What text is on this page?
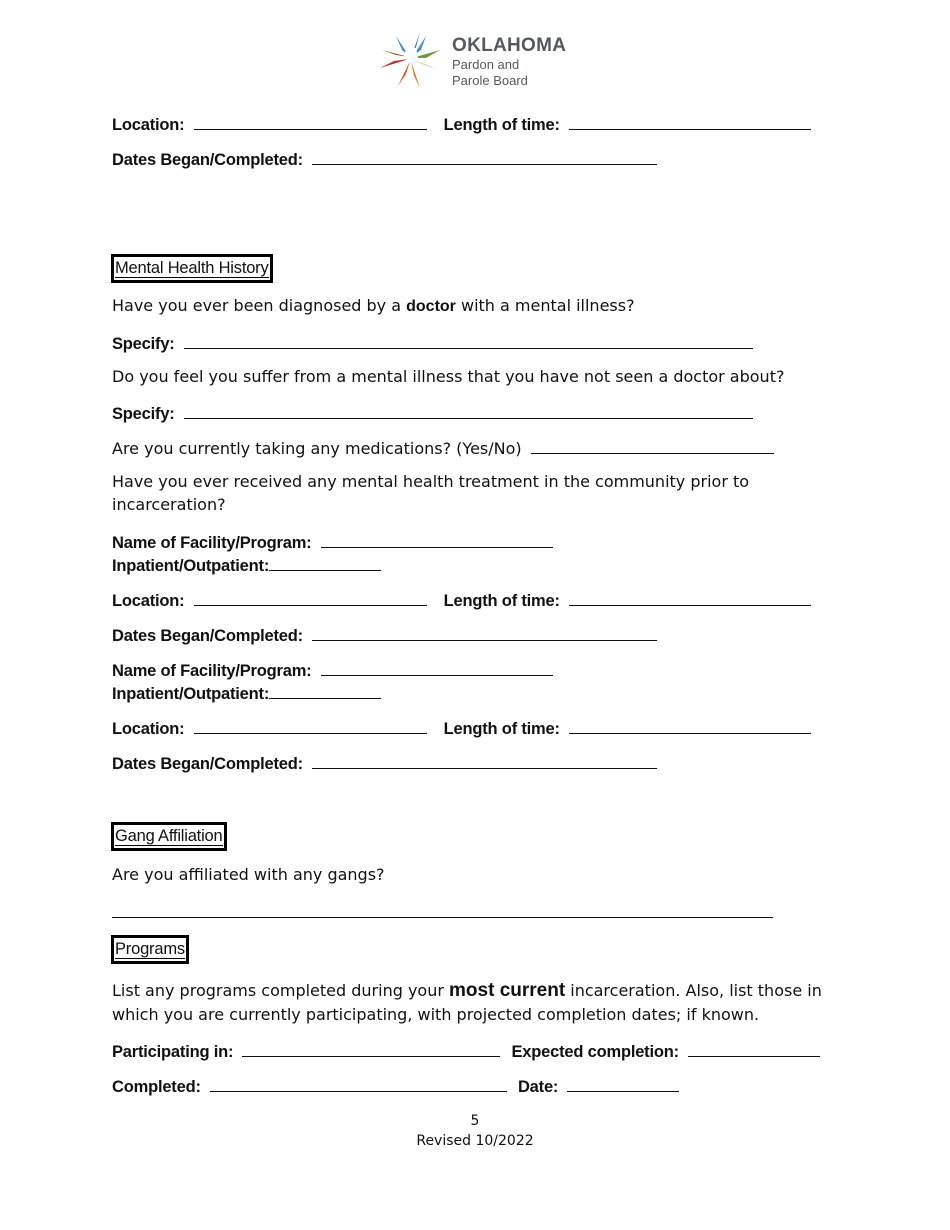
OKLAHOMA
Pardon and
Parole Board
Location:	Length of time:
Dates Began/Completed:
Mental Health History
Have you ever been diagnosed by a doctor with a mental illness?
Specify:
Do you feel you suffer from a mental illness that you have not seen a doctor about?
Specify:
Are you currently taking any medications? (Yes/No)
Have you ever received any mental health treatment in the community prior to
incarceration?
Name of Facility/Program:
Inpatient/Outpatient:
Location:	Length of time:
Dates Began/Completed:
Name of Facility/Program:
Inpatient/Outpatient:
Location:	Length of time:
Dates Began/Completed:
Gang Affiliation
Are you affiliated with any gangs?
Programs
List any programs completed during your most current incarceration. Also, list those in
which you are currently participating, with projected completion dates; if known.
Participating in:	Expected completion:
Completed:	Date:
5
Revised 10/2022
